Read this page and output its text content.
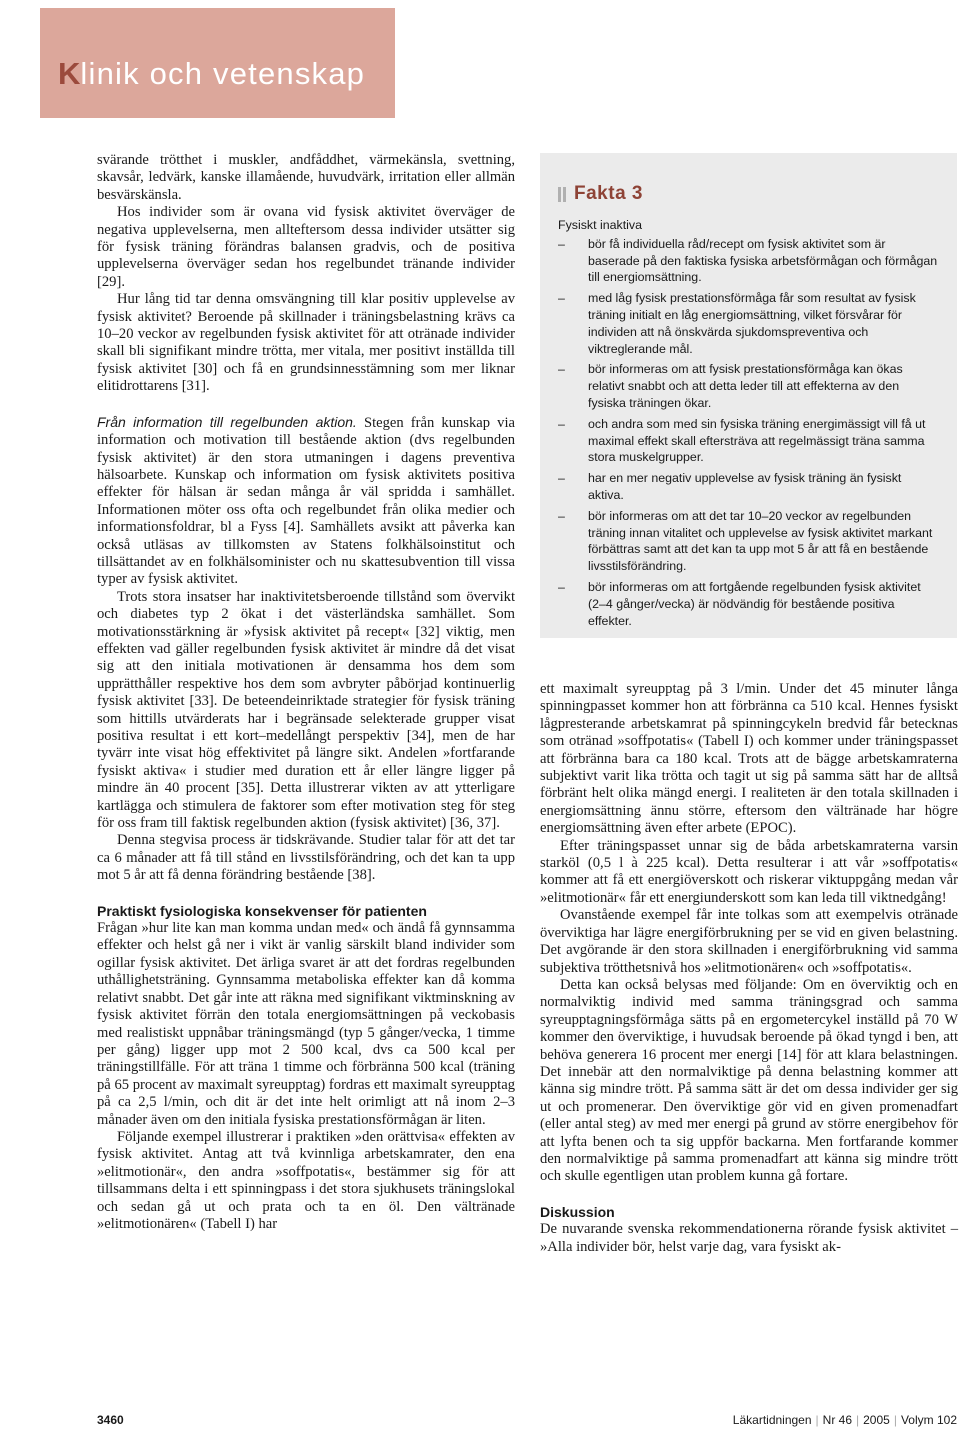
Klinik och vetenskap

svärande trötthet i muskler, andfåddhet, värmekänsla, svettning, skavsår, ledvärk, kanske illamående, huvudvärk, irritation eller allmän besvärskänsla.

Hos individer som är ovana vid fysisk aktivitet överväger de negativa upplevelserna, men allteftersom dessa individer utsätter sig för fysisk träning förändras balansen gradvis, och de positiva upplevelserna överväger sedan hos regelbundet tränande individer [29].

Hur lång tid tar denna omsvängning till klar positiv upplevelse av fysisk aktivitet? Beroende på skillnader i träningsbelastning krävs ca 10–20 veckor av regelbunden fysisk aktivitet för att otränade individer skall bli signifikant mindre trötta, mer vitala, mer positivt inställda till fysisk aktivitet [30] och få en grundsinnesstämning som mer liknar elitidrottarens [31].

Från information till regelbunden aktion. Stegen från kunskap via information och motivation till bestående aktion (dvs regelbunden fysisk aktivitet) är den stora utmaningen i dagens preventiva hälsoarbete. Kunskap och information om fysisk aktivitets positiva effekter för hälsan är sedan många år väl spridda i samhället. Informationen möter oss ofta och regelbundet från olika medier och informationsfoldrar, bl a Fyss [4]. Samhällets avsikt att påverka kan också utläsas av tillkomsten av Statens folkhälsoinstitut och tillsättandet av en folkhälsominister och nu skattesubvention till vissa typer av fysisk aktivitet.

Trots stora insatser har inaktivitetsberoende tillstånd som övervikt och diabetes typ 2 ökat i det västerländska samhället. Som motivationsstärkning är »fysisk aktivitet på recept« [32] viktig, men effekten vad gäller regelbunden fysisk aktivitet är mindre då det visat sig att den initiala motivationen är densamma hos dem som upprätthåller respektive hos dem som avbryter påbörjad kontinuerlig fysisk aktivitet [33]. De beteendeinriktade strategier för fysisk träning som hittills utvärderats har i begränsade selekterade grupper visat positiva resultat i ett kort–medellångt perspektiv [34], men de har tyvärr inte visat hög effektivitet på längre sikt. Andelen »fortfarande fysiskt aktiva« i studier med duration ett år eller längre ligger på mindre än 40 procent [35]. Detta illustrerar vikten av att ytterligare kartlägga och stimulera de faktorer som efter motivation steg för steg för oss fram till faktisk regelbunden aktion (fysisk aktivitet) [36, 37].

Denna stegvisa process är tidskrävande. Studier talar för att det tar ca 6 månader att få till stånd en livsstilsförändring, och det kan ta upp mot 5 år att få denna förändring bestående [38].

Praktiskt fysiologiska konsekvenser för patienten

Frågan »hur lite kan man komma undan med« och ändå få gynnsamma effekter och helst gå ner i vikt är vanlig särskilt bland individer som ogillar fysisk aktivitet. Det ärliga svaret är att det fordras regelbunden uthållighetsträning. Gynnsamma metaboliska effekter kan då komma relativt snabbt. Det går inte att räkna med signifikant viktminskning av fysisk aktivitet förrän den totala energiomsättningen på veckobasis med realistiskt uppnåbar träningsmängd (typ 5 gånger/vecka, 1 timme per gång) ligger upp mot 2 500 kcal, dvs ca 500 kcal per träningstillfälle. För att träna 1 timme och förbränna 500 kcal (träning på 65 procent av maximalt syreupptag) fordras ett maximalt syreupptag på ca 2,5 l/min, och dit är det inte helt orimligt att nå inom 2–3 månader även om den initiala fysiska prestationsförmågan är liten.

Följande exempel illustrerar i praktiken »den orättvisa« effekten av fysisk aktivitet. Antag att två kvinnliga arbetskamrater, den ena »elitmotionär«, den andra »soffpotatis«, bestämmer sig för att tillsammans delta i ett spinningpass i det stora sjukhusets träningslokal och sedan gå ut och prata och ta en öl. Den vältränade »elitmotionären« (Tabell I) har

Fakta 3
Fysiskt inaktiva
– bör få individuella råd/recept om fysisk aktivitet som är baserade på den faktiska fysiska arbetsförmågan och förmågan till energiomsättning.
– med låg fysisk prestationsförmåga får som resultat av fysisk träning initialt en låg energiomsättning, vilket försvårar för individen att nå önskvärda sjukdomspreventiva och viktreglerande mål.
– bör informeras om att fysisk prestationsförmåga kan ökas relativt snabbt och att detta leder till att effekterna av den fysiska träningen ökar.
– och andra som med sin fysiska träning energimässigt vill få ut maximal effekt skall eftersträva att regelmässigt träna samma stora muskelgrupper.
– har en mer negativ upplevelse av fysisk träning än fysiskt aktiva.
– bör informeras om att det tar 10–20 veckor av regelbunden träning innan vitalitet och upplevelse av fysisk aktivitet markant förbättras samt att det kan ta upp mot 5 år att få en bestående livsstilsförändring.
– bör informeras om att fortgående regelbunden fysisk aktivitet (2–4 gånger/vecka) är nödvändig för bestående positiva effekter.

ett maximalt syreupptag på 3 l/min. Under det 45 minuter långa spinningpasset kommer hon att förbränna ca 510 kcal. Hennes fysiskt lågpresterande arbetskamrat på spinningcykeln bredvid får betecknas som otränad »soffpotatis« (Tabell I) och kommer under träningspasset att förbränna bara ca 180 kcal. Trots att de bägge arbetskamraterna subjektivt varit lika trötta och tagit ut sig på samma sätt har de alltså förbränt helt olika mängd energi. I realiteten är den totala skillnaden i energiomsättning ännu större, eftersom den vältränade har högre energiomsättning även efter arbete (EPOC).

Efter träningspasset unnar sig de båda arbetskamraterna varsin starköl (0,5 l à 225 kcal). Detta resulterar i att vår »soffpotatis« kommer att få ett energiöverskott och riskerar viktuppgång medan vår »elitmotionär« får ett energiunderskott som kan leda till viktnedgång!

Ovanstående exempel får inte tolkas som att exempelvis otränade överviktiga har lägre energiförbrukning per se vid en given belastning. Det avgörande är den stora skillnaden i energiförbrukning vid samma subjektiva trötthetsnivå hos »elitmotionären« och »soffpotatis«.

Detta kan också belysas med följande: Om en överviktig och en normalviktig individ med samma träningsgrad och samma syreupptagningsförmåga sätts på en ergometercykel inställd på 70 W kommer den överviktige, i huvudsak beroende på ökad tyngd i ben, att behöva generera 16 procent mer energi [14] för att klara belastningen. Det innebär att den normalviktige på denna belastning kommer att känna sig mindre trött. På samma sätt är det om dessa individer ger sig ut och promenerar. Den överviktige gör vid en given promenadfart (eller antal steg) av med mer energi på grund av större energibehov för att lyfta benen och ta sig uppför backarna. Men fortfarande kommer den normalviktige på samma promenadfart att känna sig mindre trött och skulle egentligen utan problem kunna gå fortare.

Diskussion

De nuvarande svenska rekommendationerna rörande fysisk aktivitet – »Alla individer bör, helst varje dag, vara fysiskt ak-

3460	Läkartidningen | Nr 46 | 2005 | Volym 102
